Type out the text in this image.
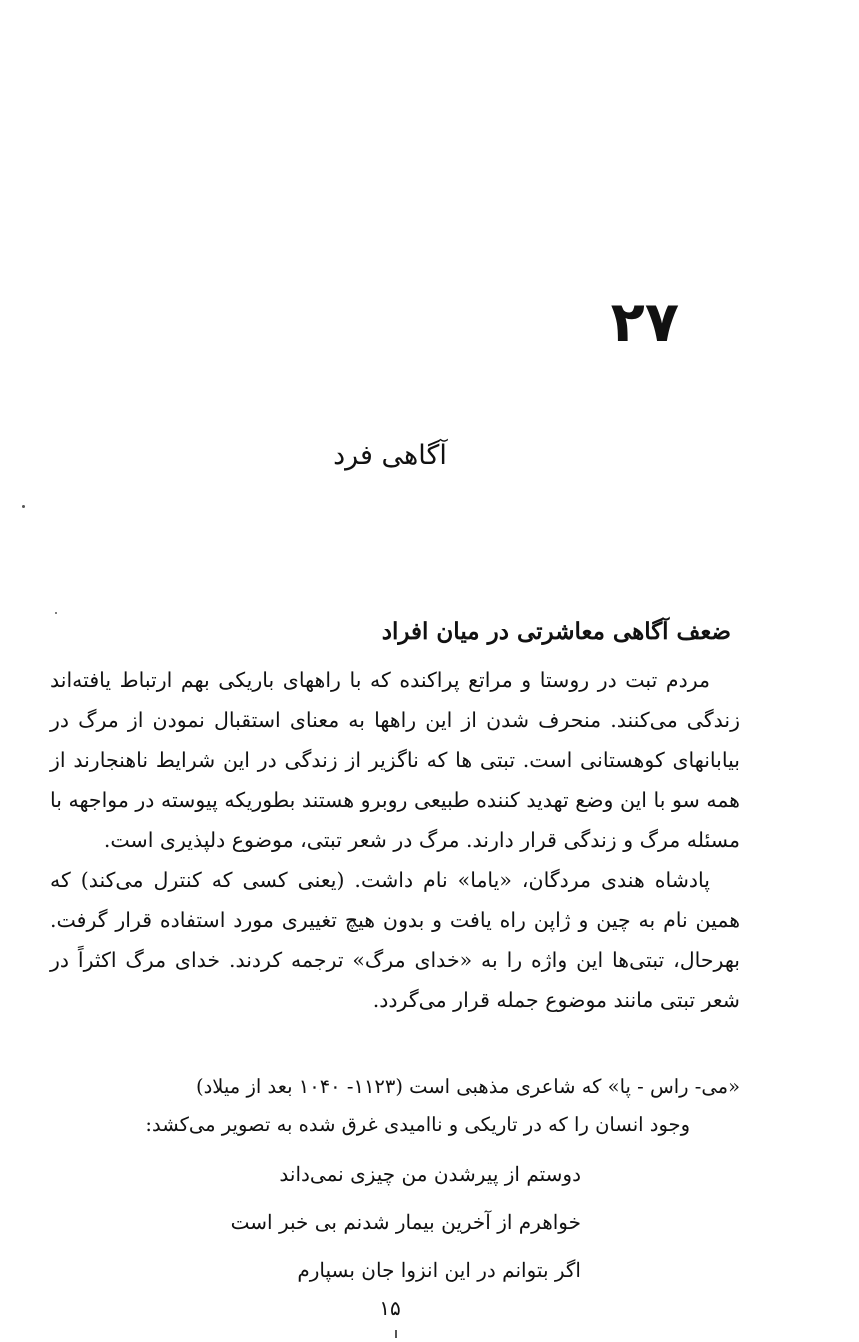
۲۷
آگاهی فرد
ضعف آگاهی معاشرتی در میان افراد

مردم تبت در روستا و مراتع پراکنده که با راههای باریکی بهم ارتباط یافته‌اند زندگی می‌کنند. منحرف شدن از این راهها به معنای استقبال نمودن از مرگ در بیابانهای کوهستانی است. تبتی ها که ناگزیر از زندگی در این شرایط ناهنجارند از همه سو با این وضع تهدید کننده طبیعی روبرو هستند بطوریکه پیوسته در مواجهه با مسئله مرگ و زندگی قرار دارند. مرگ در شعر تبتی، موضوع دلپذیری است.

پادشاه هندی مردگان، «یاما» نام داشت. (یعنی کسی که کنترل می‌کند) که همین نام به چین و ژاپن راه یافت و بدون هیچ تغییری مورد استفاده قرار گرفت. بهرحال، تبتی‌ها این واژه را به «خدای مرگ» ترجمه کردند. خدای مرگ اکثراً در شعر تبتی مانند موضوع جمله قرار می‌گردد.

«می- راس - پا» که شاعری مذهبی است (۱۱۲۳- ۱۰۴۰ بعد از میلاد)
وجود انسان را که در تاریکی و ناامیدی غرق شده به تصویر می‌کشد:
دوستم از پیرشدن من چیزی نمی‌داند
خواهرم از آخرین بیمار شدنم بی خبر است
اگر بتوانم در این انزوا جان بسپارم
۱۵
